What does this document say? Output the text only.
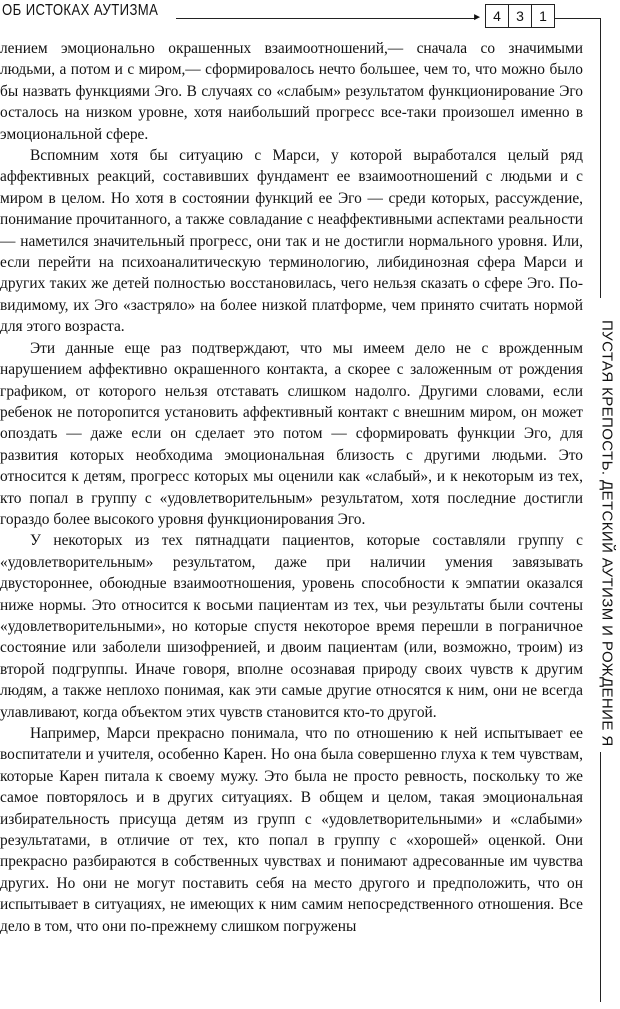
ОБ ИСТОКАХ АУТИЗМА	► 4	3	1

лением эмоционально окрашенных взаимоотношений,— сначала со значимыми людьми, а потом и с миром,— сформировалось нечто большее, чем то, что можно было бы назвать функциями Эго. В случаях со «слабым» результатом функционирование Эго осталось на низком уровне, хотя наибольший прогресс все-таки произошел именно в эмоциональной сфере.

Вспомним хотя бы ситуацию с Марси, у которой выработался целый ряд аффективных реакций, составивших фундамент ее взаимоотношений с людьми и с миром в целом. Но хотя в состоянии функций ее Эго — среди которых, рассуждение, понимание прочитанного, а также совладание с неаффективными аспектами реальности — наметился значительный прогресс, они так и не достигли нормального уровня. Или, если перейти на психоаналитическую терминологию, либидинозная сфера Марси и других таких же детей полностью восстановилась, чего нельзя сказать о сфере Эго. По-видимому, их Эго «застряло» на более низкой платформе, чем принято считать нормой для этого возраста.

Эти данные еще раз подтверждают, что мы имеем дело не с врожденным нарушением аффективно окрашенного контакта, а скорее с заложенным от рождения графиком, от которого нельзя отставать слишком надолго. Другими словами, если ребенок не поторопится установить аффективный контакт с внешним миром, он может опоздать — даже если он сделает это потом — сформировать функции Эго, для развития которых необходима эмоциональная близость с другими людьми. Это относится к детям, прогресс которых мы оценили как «слабый», и к некоторым из тех, кто попал в группу с «удовлетворительным» результатом, хотя последние достигли гораздо более высокого уровня функционирования Эго.

У некоторых из тех пятнадцати пациентов, которые составляли группу с «удовлетворительным» результатом, даже при наличии умения завязывать двустороннее, обоюдные взаимоотношения, уровень способности к эмпатии оказался ниже нормы. Это относится к восьми пациентам из тех, чьи результаты были сочтены «удовлетворительными», но которые спустя некоторое время перешли в пограничное состояние или заболели шизофренией, и двоим пациентам (или, возможно, троим) из второй подгруппы. Иначе говоря, вполне осознавая природу своих чувств к другим людям, а также неплохо понимая, как эти самые другие относятся к ним, они не всегда улавливают, когда объектом этих чувств становится кто-то другой.

Например, Марси прекрасно понимала, что по отношению к ней испытывает ее воспитатели и учителя, особенно Карен. Но она была совершенно глуха к тем чувствам, которые Карен питала к своему мужу. Это была не просто ревность, поскольку то же самое повторялось и в других ситуациях. В общем и целом, такая эмоциональная избирательность присуща детям из групп с «удовлетворительными» и «слабыми» результатами, в отличие от тех, кто попал в группу с «хорошей» оценкой. Они прекрасно разбираются в собственных чувствах и понимают адресованные им чувства других. Но они не могут поставить себя на место другого и предположить, что он испытывает в ситуациях, не имеющих к ним самим непосредственного отношения. Все дело в том, что они по-прежнему слишком погружены

ПУСТАЯ КРЕПОСТЬ. ДЕТСКИЙ АУТИЗМ И РОЖДЕНИЕ Я
